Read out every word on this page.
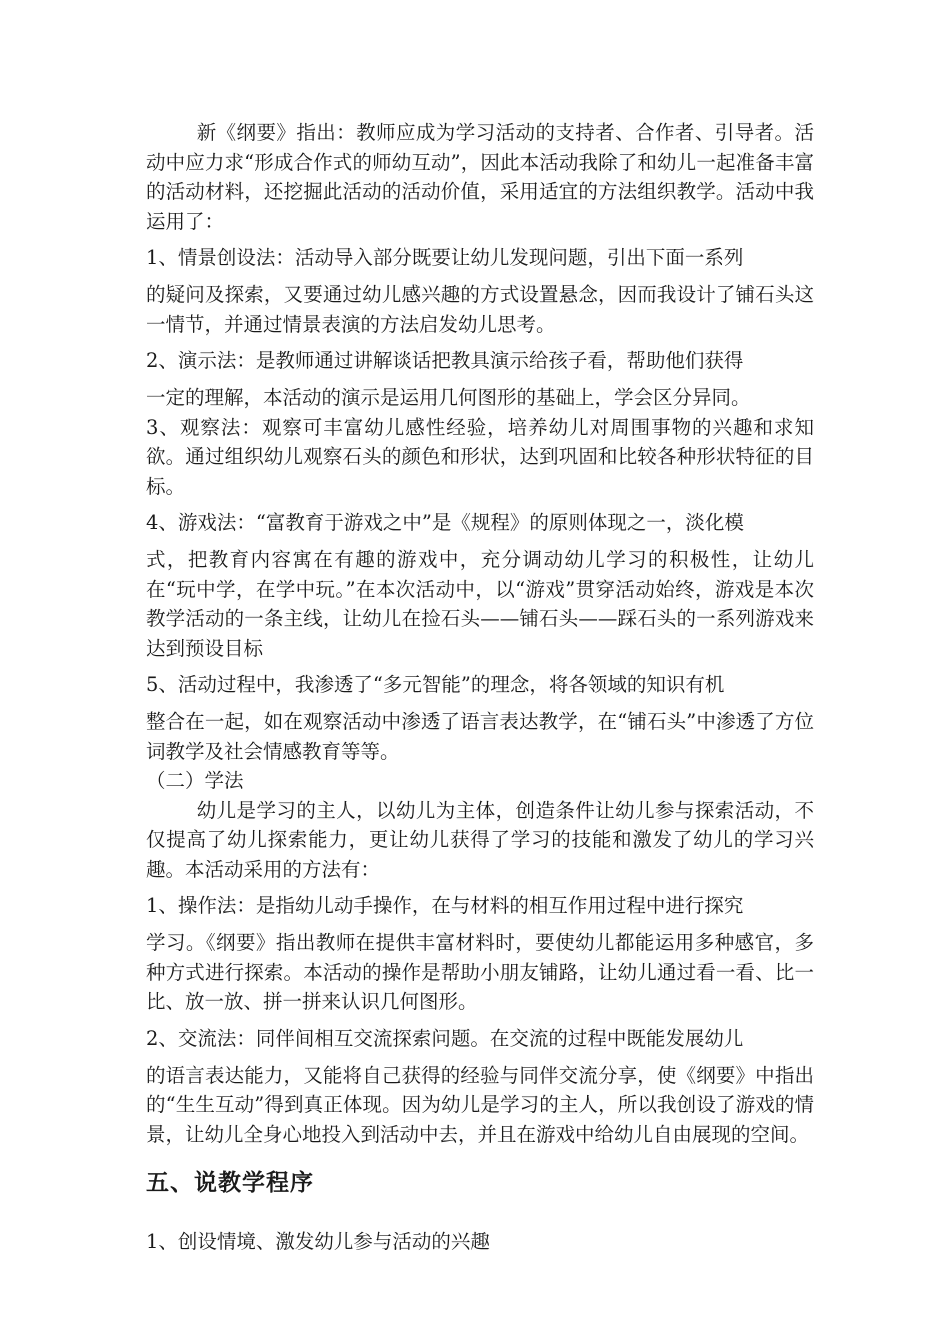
新《纲要》指出：教师应成为学习活动的支持者、合作者、引导者。活动中应力求“形成合作式的师幼互动”，因此本活动我除了和幼儿一起准备丰富的活动材料，还挖掘此活动的活动价值，采用适宜的方法组织教学。活动中我运用了：

1、情景创设法：活动导入部分既要让幼儿发现问题，引出下面一系列
的疑问及探索，又要通过幼儿感兴趣的方式设置悬念，因而我设计了铺石头这一情节，并通过情景表演的方法启发幼儿思考。
2、演示法：是教师通过讲解谈话把教具演示给孩子看，帮助他们获得
一定的理解，本活动的演示是运用几何图形的基础上，学会区分异同。

3、观察法：观察可丰富幼儿感性经验，培养幼儿对周围事物的兴趣和求知欲。通过组织幼儿观察石头的颜色和形状，达到巩固和比较各种形状特征的目标。

4、游戏法：“富教育于游戏之中”是《规程》的原则体现之一，淡化模
式，把教育内容寓在有趣的游戏中，充分调动幼儿学习的积极性，让幼儿在“玩中学，在学中玩。”在本次活动中，以“游戏”贯穿活动始终，游戏是本次教学活动的一条主线，让幼儿在捡石头——铺石头——踩石头的一系列游戏来达到预设目标
5、活动过程中，我渗透了“多元智能”的理念，将各领域的知识有机
整合在一起，如在观察活动中渗透了语言表达教学，在“铺石头”中渗透了方位词教学及社会情感教育等等。

（二）学法

幼儿是学习的主人，以幼儿为主体，创造条件让幼儿参与探索活动，不仅提高了幼儿探索能力，更让幼儿获得了学习的技能和激发了幼儿的学习兴趣。本活动采用的方法有：

1、操作法：是指幼儿动手操作，在与材料的相互作用过程中进行探究
学习。《纲要》指出教师在提供丰富材料时，要使幼儿都能运用多种感官，多种方式进行探索。本活动的操作是帮助小朋友铺路，让幼儿通过看一看、比一比、放一放、拼一拼来认识几何图形。
2、交流法：同伴间相互交流探索问题。在交流的过程中既能发展幼儿
的语言表达能力，又能将自己获得的经验与同伴交流分享，使《纲要》中指出的“生生互动”得到真正体现。因为幼儿是学习的主人，所以我创设了游戏的情景，让幼儿全身心地投入到活动中去，并且在游戏中给幼儿自由展现的空间。
五、说教学程序

1、创设情境、激发幼儿参与活动的兴趣
